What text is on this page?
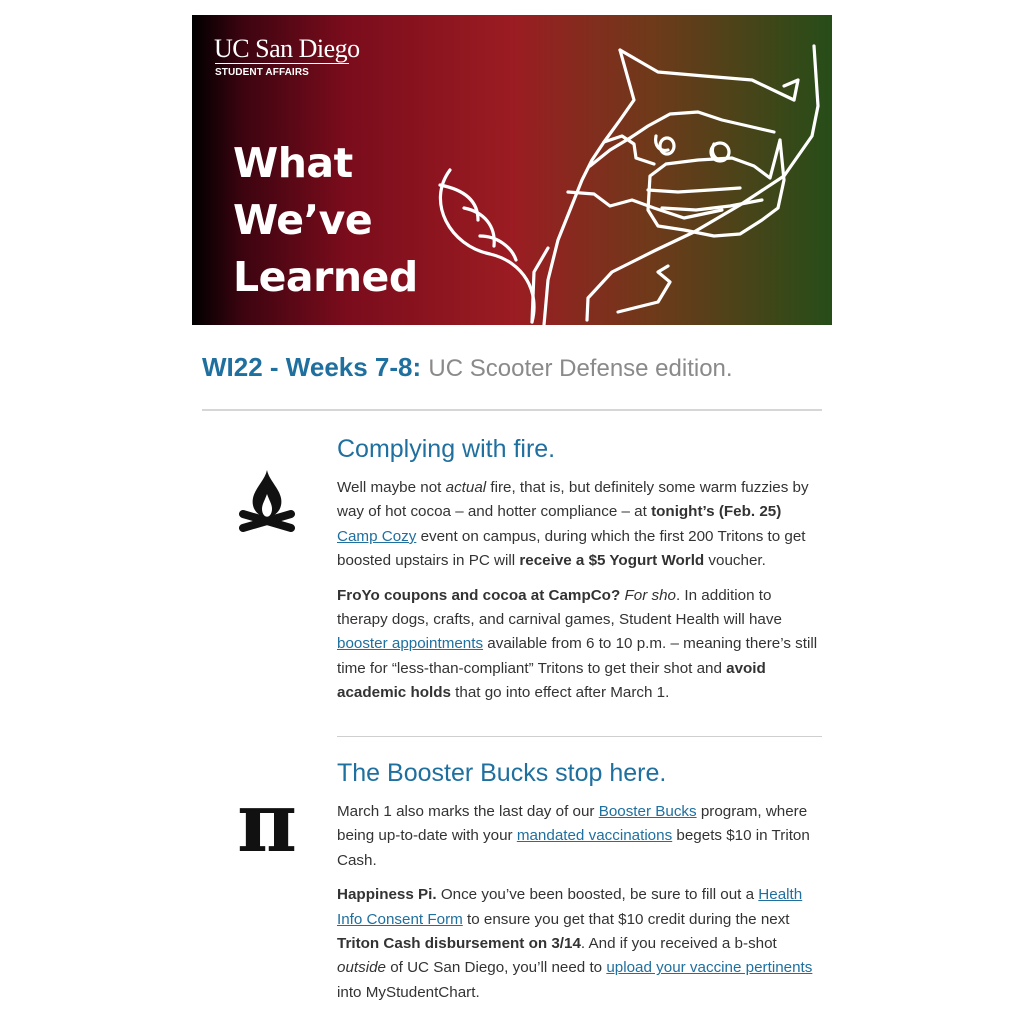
UC San Diego
STUDENT AFFAIRS
What
We’ve
Learned
WI22 - Weeks 7-8: UC Scooter Defense edition.
Complying with fire.

Well maybe not actual fire, that is, but definitely some warm fuzzies by way of hot cocoa – and hotter compliance – at tonight’s (Feb. 25) Camp Cozy event on campus, during which the first 200 Tritons to get boosted upstairs in PC will receive a $5 Yogurt World voucher.

FroYo coupons and cocoa at CampCo? For sho. In addition to therapy dogs, crafts, and carnival games, Student Health will have booster appointments available from 6 to 10 p.m. – meaning there’s still time for “less-than-compliant” Tritons to get their shot and avoid academic holds that go into effect after March 1.

π
The Booster Bucks stop here.

March 1 also marks the last day of our Booster Bucks program, where being up-to-date with your mandated vaccinations begets $10 in Triton Cash.

Happiness Pi. Once you’ve been boosted, be sure to fill out a Health Info Consent Form to ensure you get that $10 credit during the next Triton Cash disbursement on 3/14. And if you received a b-shot outside of UC San Diego, you’ll need to upload your vaccine pertinents into MyStudentChart.
